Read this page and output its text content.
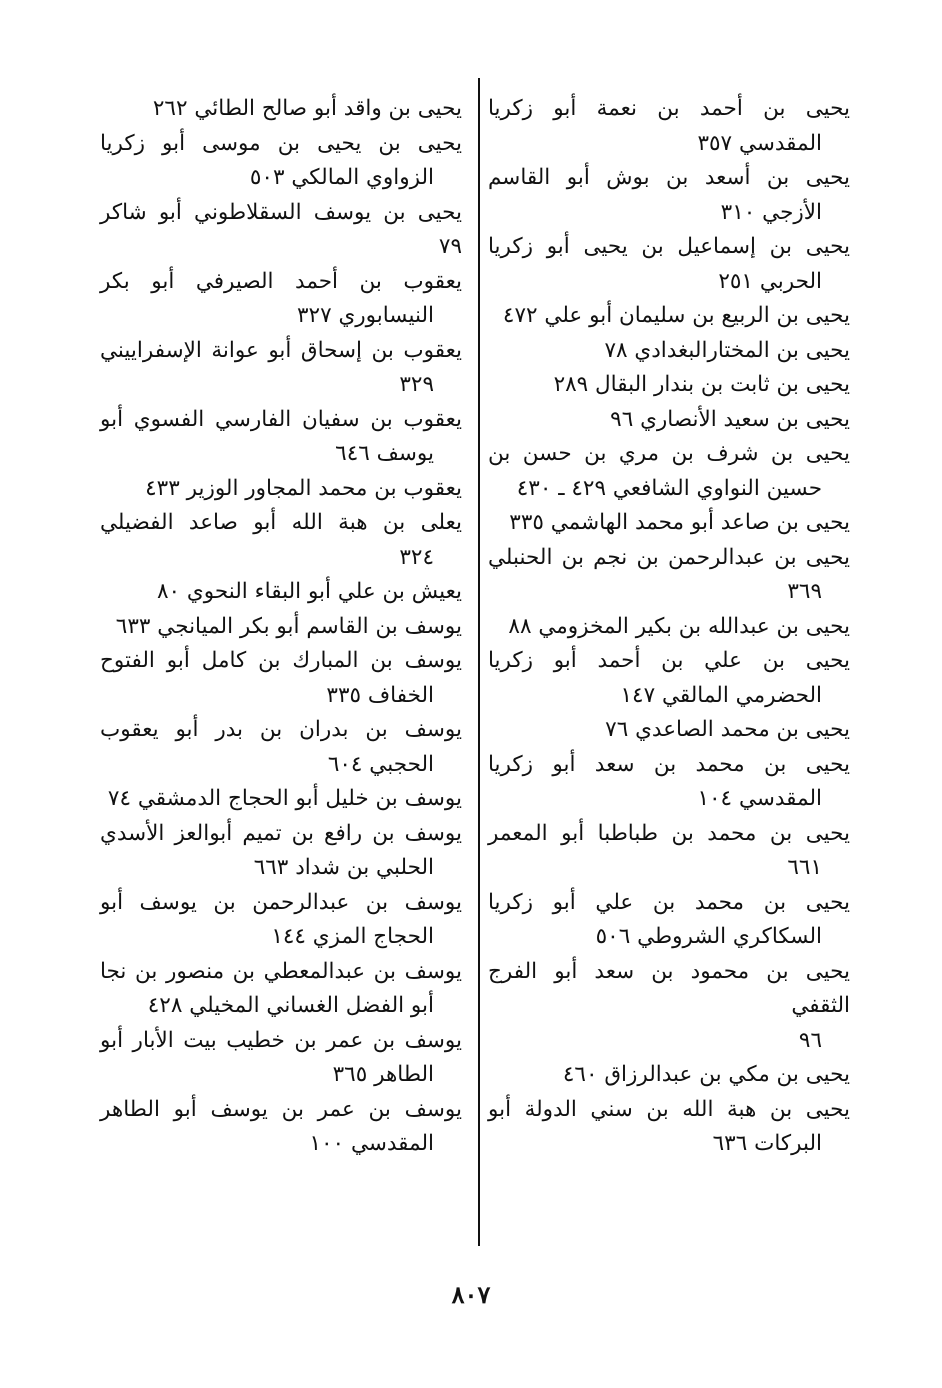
يحيى بن أحمد بن نعمة أبو زكريا
المقدسي ٣٥٧
يحيى بن أسعد بن بوش أبو القاسم
الأزجي ٣١٠
يحيى بن إسماعيل بن يحيى أبو زكريا
الحربي ٢٥١
يحيى بن الربيع بن سليمان أبو علي ٤٧٢
يحيى بن المختارالبغدادي ٧٨
يحيى بن ثابت بن بندار البقال ٢٨٩
يحيى بن سعيد الأنصاري ٩٦
يحيى بن شرف بن مري بن حسن بن
حسين النواوي الشافعي ٤٢٩ ـ ٤٣٠
يحيى بن صاعد أبو محمد الهاشمي ٣٣٥
يحيى بن عبدالرحمن بن نجم بن الحنبلي
٣٦٩
يحيى بن عبدالله بن بكير المخزومي ٨٨
يحيى بن علي بن أحمد أبو زكريا
الحضرمي المالقي ١٤٧
يحيى بن محمد الصاعدي ٧٦
يحيى بن محمد بن سعد أبو زكريا
المقدسي ١٠٤
يحيى بن محمد بن طباطبا أبو المعمر
٦٦١
يحيى بن محمد بن علي أبو زكريا
السكاكري الشروطي ٥٠٦
يحيى بن محمود بن سعد أبو الفرج الثقفي
٩٦
يحيى بن مكي بن عبدالرزاق ٤٦٠
يحيى بن هبة الله بن سني الدولة أبو
البركات ٦٣٦
يحيى بن واقد أبو صالح الطائي ٢٦٢
يحيى بن يحيى بن موسى أبو زكريا
الزواوي المالكي ٥٠٣
يحيى بن يوسف السقلاطوني أبو شاكر ٧٩
يعقوب بن أحمد الصيرفي أبو بكر
النيسابوري ٣٢٧
يعقوب بن إسحاق أبو عوانة الإسفراييني
٣٢٩
يعقوب بن سفيان الفارسي الفسوي أبو
يوسف ٦٤٦
يعقوب بن محمد المجاور الوزير ٤٣٣
يعلى بن هبة الله أبو صاعد الفضيلي
٣٢٤
يعيش بن علي أبو البقاء النحوي ٨٠
يوسف بن القاسم أبو بكر الميانجي ٦٣٣
يوسف بن المبارك بن كامل أبو الفتوح
الخفاف ٣٣٥
يوسف بن بدران بن بدر أبو يعقوب
الحجبي ٦٠٤
يوسف بن خليل أبو الحجاج الدمشقي ٧٤
يوسف بن رافع بن تميم أبوالعز الأسدي
الحلبي بن شداد ٦٦٣
يوسف بن عبدالرحمن بن يوسف أبو
الحجاج المزي ١٤٤
يوسف بن عبدالمعطي بن منصور بن نجا
أبو الفضل الغساني المخيلي ٤٢٨
يوسف بن عمر بن خطيب بيت الأبار أبو
الطاهر ٣٦٥
يوسف بن عمر بن يوسف أبو الطاهر
المقدسي ١٠٠
٨٠٧
